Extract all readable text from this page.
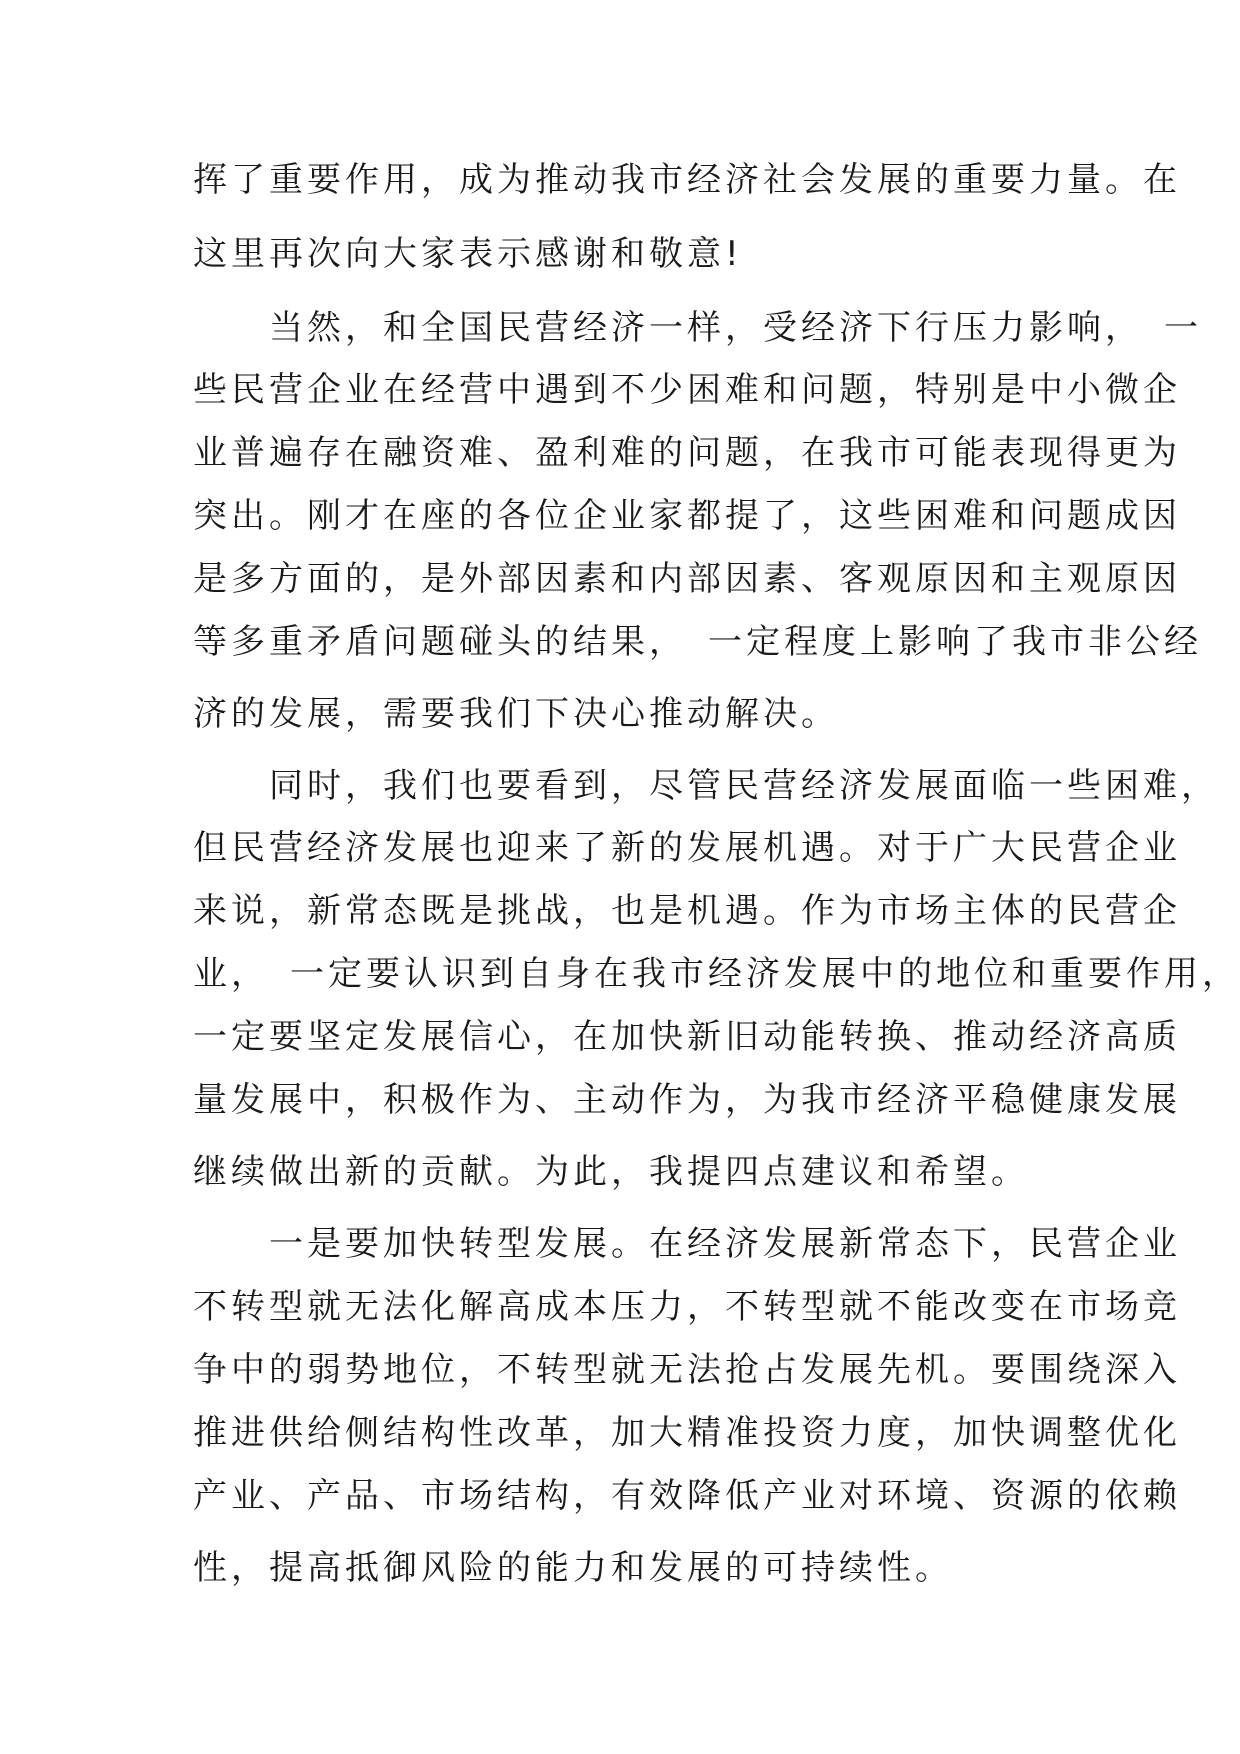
挥了重要作用，成为推动我市经济社会发展的重要力量。在
这里再次向大家表示感谢和敬意!
　　当然，和全国民营经济一样，受经济下行压力影响，　一
些民营企业在经营中遇到不少困难和问题，特别是中小微企
业普遍存在融资难、盈利难的问题，在我市可能表现得更为
突出。刚才在座的各位企业家都提了，这些困难和问题成因
是多方面的，是外部因素和内部因素、客观原因和主观原因
等多重矛盾问题碰头的结果，　一定程度上影响了我市非公经
济的发展，需要我们下决心推动解决。
　　同时，我们也要看到，尽管民营经济发展面临一些困难，
但民营经济发展也迎来了新的发展机遇。对于广大民营企业
来说，新常态既是挑战，也是机遇。作为市场主体的民营企
业，　一定要认识到自身在我市经济发展中的地位和重要作用，
一定要坚定发展信心，在加快新旧动能转换、推动经济高质
量发展中，积极作为、主动作为，为我市经济平稳健康发展
继续做出新的贡献。为此，我提四点建议和希望。
　　一是要加快转型发展。在经济发展新常态下，民营企业
不转型就无法化解高成本压力，不转型就不能改变在市场竞
争中的弱势地位，不转型就无法抢占发展先机。要围绕深入
推进供给侧结构性改革，加大精准投资力度，加快调整优化
产业、产品、市场结构，有效降低产业对环境、资源的依赖
性，提高抵御风险的能力和发展的可持续性。
